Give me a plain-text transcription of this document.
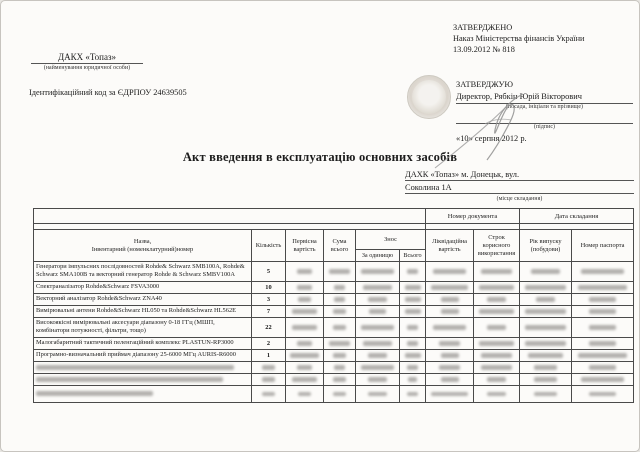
ЗАТВЕРДЖЕНО
Наказ Міністерства фінансів України
13.09.2012 № 818
ДАКХ «Топаз»
(найменування юридичної особи)
Ідентифікаційний код за ЄДРПОУ 24639505
ЗАТВЕРДЖУЮ
Директор, Рябкін Юрій Вікторович
(посада, ініціали та прізвище)
(підпис)
«10» серпня 2012 р.
Акт введення в експлуатацію основних засобів
ДАХК «Топаз» м. Донецьк, вул.
Соколина 1А
(місце складання)
						Номер документа		Дата складання	

Назва,
Інвентарний (номенклатурний)номер	Кількість	Первісна вартість	Сума всього	Знос		Ліквідаційна вартість	Строк корисного використання	Рік випуску (побудови)	Номер паспорта
				За одиницю	Всього				
Генератори імпульсних послідовностей Rohde& Schwarz SMB100A, Rohde& Schwarz SMA100B та векторний генератор Rohde & Schwarz SMBV100A	5								
Спектраналізатор Rohde&Schwarz FSVA3000	10								
Векторний аналізатор Rohde&Schwarz ZNA40	3								
Вимірювальні антени Rohde&Schwarz HL050 та Rohde&Schwarz HL562E	7								
Високоякісні вимірювальні аксесуари діапазону 0-18 ГГц (МШП, комбінатори потужності, фільтри, тощо)	22								
Малогабаритний тактичний пеленгаційний комплекс PLASTUN-RP3000	2								
Програмно-визначальний приймач діапазону 25-6000 МГц AURIS-R6000	1								
